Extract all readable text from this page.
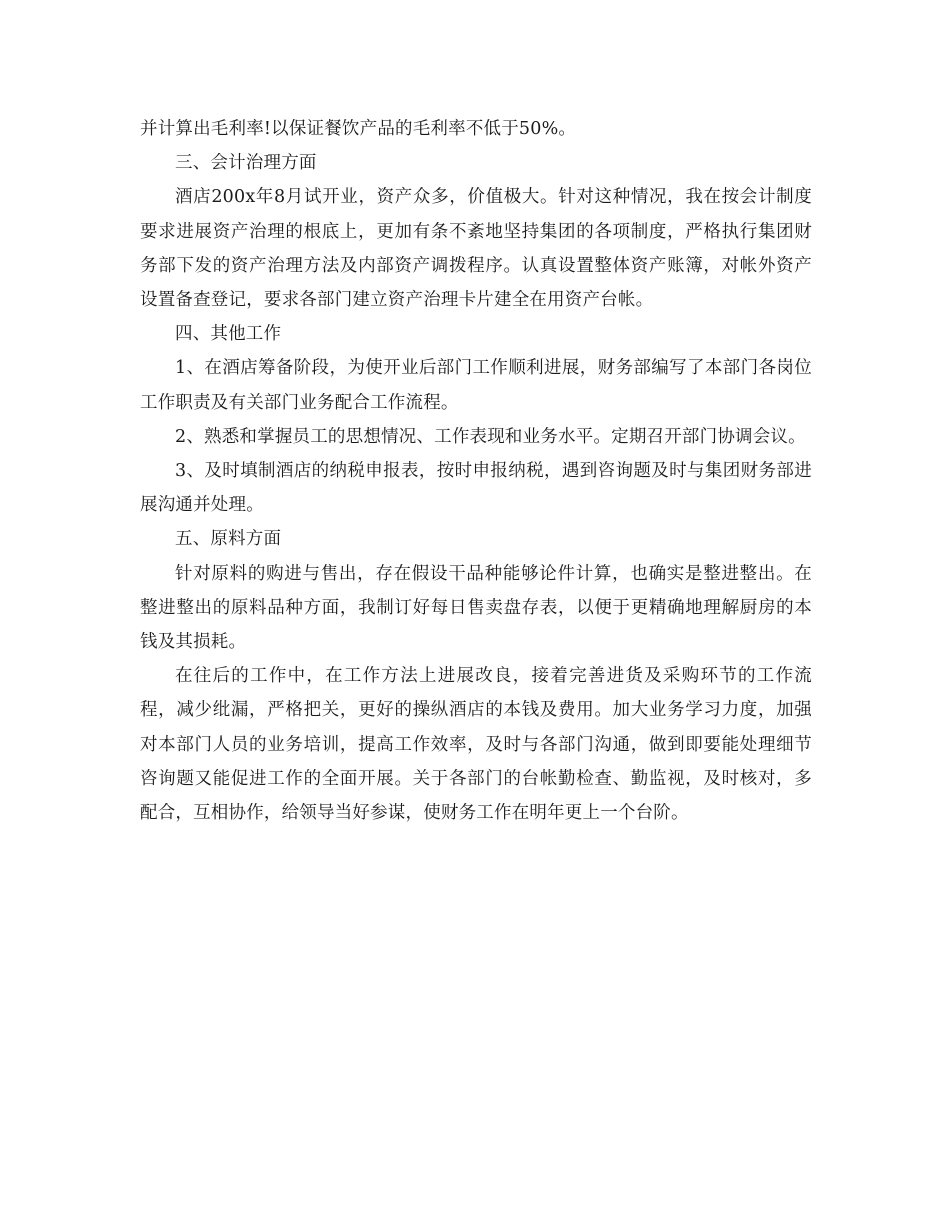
并计算出毛利率!以保证餐饮产品的毛利率不低于50%。

三、会计治理方面

酒店200x年8月试开业，资产众多，价值极大。针对这种情况，我在按会计制度要求进展资产治理的根底上，更加有条不紊地坚持集团的各项制度，严格执行集团财务部下发的资产治理方法及内部资产调拨程序。认真设置整体资产账簿，对帐外资产设置备查登记，要求各部门建立资产治理卡片建全在用资产台帐。

四、其他工作

1、在酒店筹备阶段，为使开业后部门工作顺利进展，财务部编写了本部门各岗位工作职责及有关部门业务配合工作流程。

2、熟悉和掌握员工的思想情况、工作表现和业务水平。定期召开部门协调会议。

3、及时填制酒店的纳税申报表，按时申报纳税，遇到咨询题及时与集团财务部进展沟通并处理。

五、原料方面

针对原料的购进与售出，存在假设干品种能够论件计算，也确实是整进整出。在整进整出的原料品种方面，我制订好每日售卖盘存表，以便于更精确地理解厨房的本钱及其损耗。

在往后的工作中，在工作方法上进展改良，接着完善进货及采购环节的工作流程，减少纰漏，严格把关，更好的操纵酒店的本钱及费用。加大业务学习力度，加强对本部门人员的业务培训，提高工作效率，及时与各部门沟通，做到即要能处理细节咨询题又能促进工作的全面开展。关于各部门的台帐勤检查、勤监视，及时核对，多配合，互相协作，给领导当好参谋，使财务工作在明年更上一个台阶。
